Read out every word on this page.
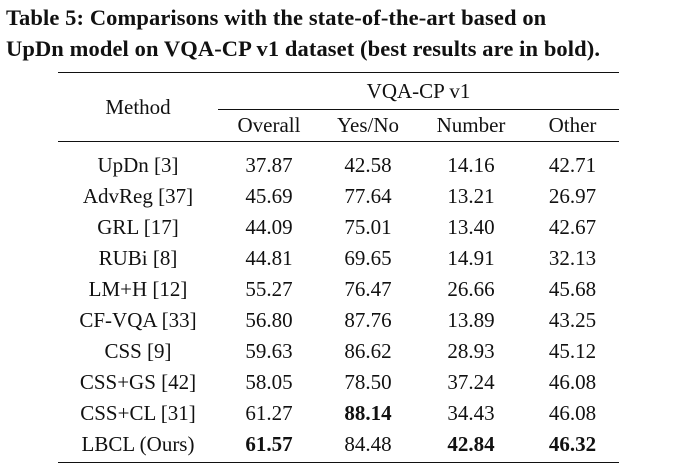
Table 5: Comparisons with the state-of-the-art based on
UpDn model on VQA-CP v1 dataset (best results are in bold).
Method	VQA-CP v1			
	Overall	Yes/No	Number	Other
UpDn [3]	37.87	42.58	14.16	42.71
AdvReg [37]	45.69	77.64	13.21	26.97
GRL [17]	44.09	75.01	13.40	42.67
RUBi [8]	44.81	69.65	14.91	32.13
LM+H [12]	55.27	76.47	26.66	45.68
CF-VQA [33]	56.80	87.76	13.89	43.25
CSS [9]	59.63	86.62	28.93	45.12
CSS+GS [42]	58.05	78.50	37.24	46.08
CSS+CL [31]	61.27	88.14	34.43	46.08
LBCL (Ours)	61.57	84.48	42.84	46.32
